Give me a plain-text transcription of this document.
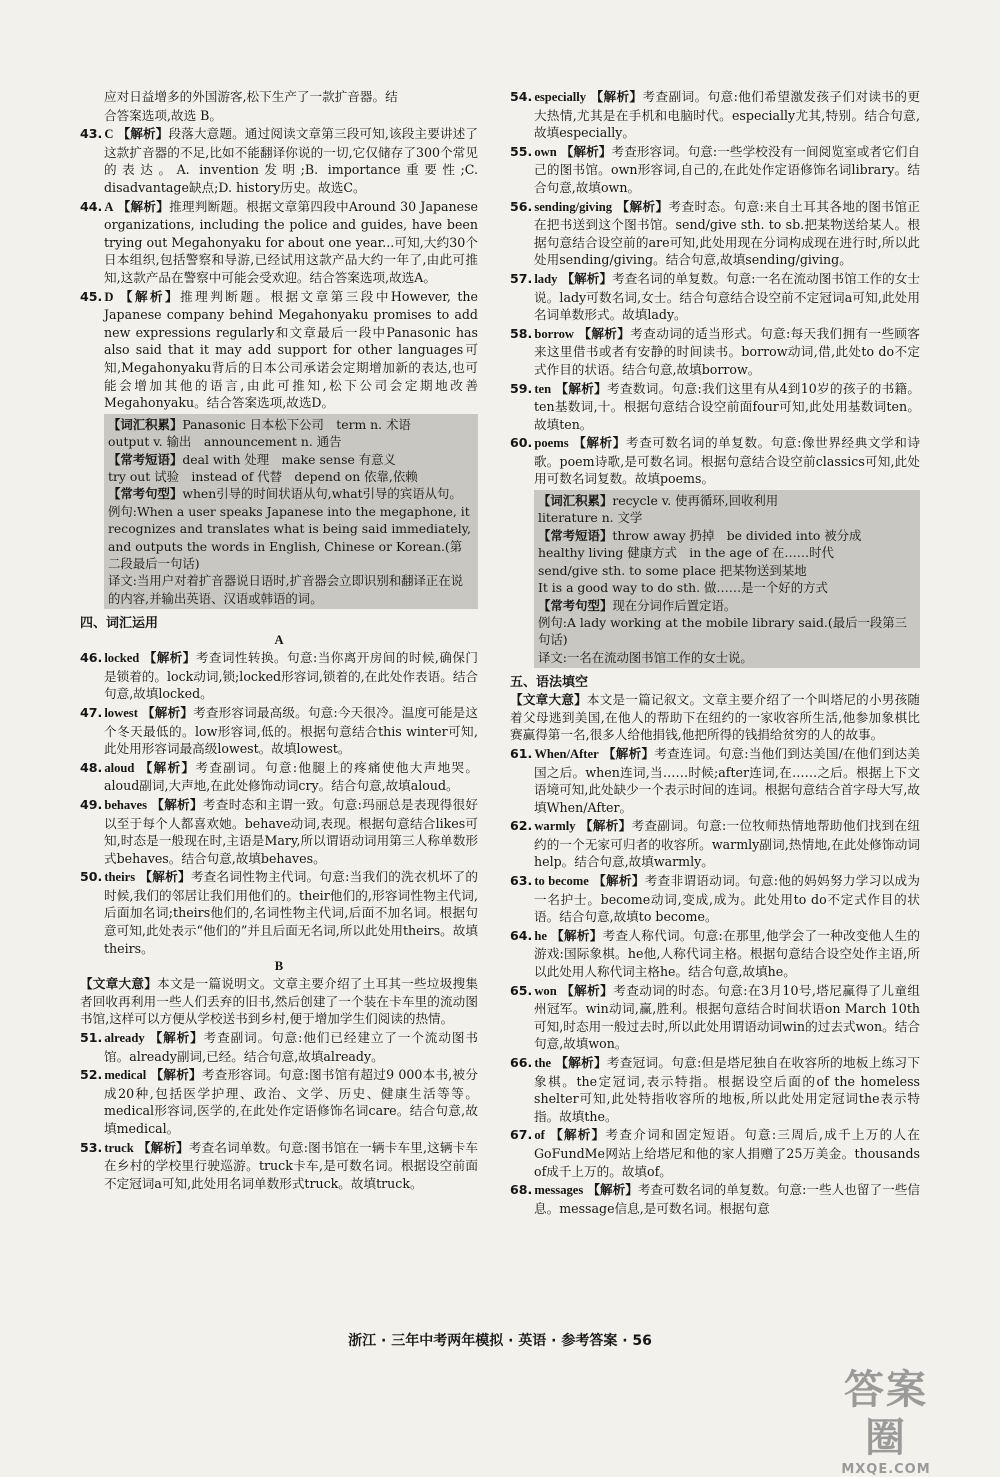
应对日益增多的外国游客,松下生产了一款扩音器。结

合答案选项,故选 B。

43. C 【解析】段落大意题。通过阅读文章第三段可知,该段主要讲述了这款扩音器的不足,比如不能翻译你说的一切,它仅储存了300个常见的表达。A. invention发明;B. importance重要性;C. disadvantage缺点;D. history历史。故选C。

44. A 【解析】推理判断题。根据文章第四段中Around 30 Japanese organizations, including the police and guides, have been trying out Megahonyaku for about one year...可知,大约30个日本组织,包括警察和导游,已经试用这款产品大约一年了,由此可推知,这款产品在警察中可能会受欢迎。结合答案选项,故选A。

45. D 【解析】推理判断题。根据文章第三段中However, the Japanese company behind Megahonyaku promises to add new expressions regularly和文章最后一段中Panasonic has also said that it may add support for other languages可知,Megahonyaku背后的日本公司承诺会定期增加新的表达,也可能会增加其他的语言,由此可推知,松下公司会定期地改善Megahonyaku。结合答案选项,故选D。

【词汇积累】Panasonic 日本松下公司　term n. 术语

output v. 输出　announcement n. 通告

【常考短语】deal with 处理　make sense 有意义

try out 试验　instead of 代替　depend on 依靠,依赖

【常考句型】when引导的时间状语从句,what引导的宾语从句。

例句:When a user speaks Japanese into the megaphone, it recognizes and translates what is being said immediately, and outputs the words in English, Chinese or Korean.(第二段最后一句话)

译文:当用户对着扩音器说日语时,扩音器会立即识别和翻译正在说的内容,并输出英语、汉语或韩语的词。

四、词汇运用
A

46. locked 【解析】考查词性转换。句意:当你离开房间的时候,确保门是锁着的。lock动词,锁;locked形容词,锁着的,在此处作表语。结合句意,故填locked。

47. lowest 【解析】考查形容词最高级。句意:今天很冷。温度可能是这个冬天最低的。low形容词,低的。根据句意结合this winter可知,此处用形容词最高级lowest。故填lowest。

48. aloud 【解析】考查副词。句意:他腿上的疼痛使他大声地哭。aloud副词,大声地,在此处修饰动词cry。结合句意,故填aloud。

49. behaves 【解析】考查时态和主谓一致。句意:玛丽总是表现得很好以至于每个人都喜欢她。behave动词,表现。根据句意结合likes可知,时态是一般现在时,主语是Mary,所以谓语动词用第三人称单数形式behaves。结合句意,故填behaves。

50. theirs 【解析】考查名词性物主代词。句意:当我们的洗衣机坏了的时候,我们的邻居让我们用他们的。their他们的,形容词性物主代词,后面加名词;theirs他们的,名词性物主代词,后面不加名词。根据句意可知,此处表示“他们的”并且后面无名词,所以此处用theirs。故填theirs。

B

【文章大意】本文是一篇说明文。文章主要介绍了土耳其一些垃圾搜集者回收再利用一些人们丢弃的旧书,然后创建了一个装在卡车里的流动图书馆,这样可以方便从学校送书到乡村,便于增加学生们阅读的热情。

51. already 【解析】考查副词。句意:他们已经建立了一个流动图书馆。already副词,已经。结合句意,故填already。

52. medical 【解析】考查形容词。句意:图书馆有超过9 000本书,被分成20种,包括医学护理、政治、文学、历史、健康生活等等。medical形容词,医学的,在此处作定语修饰名词care。结合句意,故填medical。

53. truck 【解析】考查名词单数。句意:图书馆在一辆卡车里,这辆卡车在乡村的学校里行驶巡游。truck卡车,是可数名词。根据设空前面不定冠词a可知,此处用名词单数形式truck。故填truck。

54. especially 【解析】考查副词。句意:他们希望激发孩子们对读书的更大热情,尤其是在手机和电脑时代。especially尤其,特别。结合句意,故填especially。

55. own 【解析】考查形容词。句意:一些学校没有一间阅览室或者它们自己的图书馆。own形容词,自己的,在此处作定语修饰名词library。结合句意,故填own。

56. sending/giving 【解析】考查时态。句意:来自土耳其各地的图书馆正在把书送到这个图书馆。send/give sth. to sb.把某物送给某人。根据句意结合设空前的are可知,此处用现在分词构成现在进行时,所以此处用sending/giving。结合句意,故填sending/giving。

57. lady 【解析】考查名词的单复数。句意:一名在流动图书馆工作的女士说。lady可数名词,女士。结合句意结合设空前不定冠词a可知,此处用名词单数形式。故填lady。

58. borrow 【解析】考查动词的适当形式。句意:每天我们拥有一些顾客来这里借书或者有安静的时间读书。borrow动词,借,此处to do不定式作目的状语。结合句意,故填borrow。

59. ten 【解析】考查数词。句意:我们这里有从4到10岁的孩子的书籍。ten基数词,十。根据句意结合设空前面four可知,此处用基数词ten。故填ten。

60. poems 【解析】考查可数名词的单复数。句意:像世界经典文学和诗歌。poem诗歌,是可数名词。根据句意结合设空前classics可知,此处用可数名词复数。故填poems。

【词汇积累】recycle v. 使再循环,回收利用

literature n. 文学

【常考短语】throw away 扔掉　be divided into 被分成

healthy living 健康方式　in the age of 在……时代

send/give sth. to some place 把某物送到某地

It is a good way to do sth. 做……是一个好的方式

【常考句型】现在分词作后置定语。

例句:A lady working at the mobile library said.(最后一段第三句话)

译文:一名在流动图书馆工作的女士说。

五、语法填空

【文章大意】本文是一篇记叙文。文章主要介绍了一个叫塔尼的小男孩随着父母逃到美国,在他人的帮助下在纽约的一家收容所生活,他参加象棋比赛赢得第一名,很多人给他捐钱,他把所得的钱捐给贫穷的人的故事。

61. When/After 【解析】考查连词。句意:当他们到达美国/在他们到达美国之后。when连词,当……时候;after连词,在……之后。根据上下文语境可知,此处缺少一个表示时间的连词。根据句意结合首字母大写,故填When/After。

62. warmly 【解析】考查副词。句意:一位牧师热情地帮助他们找到在纽约的一个无家可归者的收容所。warmly副词,热情地,在此处修饰动词help。结合句意,故填warmly。

63. to become 【解析】考查非谓语动词。句意:他的妈妈努力学习以成为一名护士。become动词,变成,成为。此处用to do不定式作目的状语。结合句意,故填to become。

64. he 【解析】考查人称代词。句意:在那里,他学会了一种改变他人生的游戏:国际象棋。he他,人称代词主格。根据句意结合设空处作主语,所以此处用人称代词主格he。结合句意,故填he。

65. won 【解析】考查动词的时态。句意:在3月10号,塔尼赢得了儿童组州冠军。win动词,赢,胜利。根据句意结合时间状语on March 10th可知,时态用一般过去时,所以此处用谓语动词win的过去式won。结合句意,故填won。

66. the 【解析】考查冠词。句意:但是塔尼独自在收容所的地板上练习下象棋。the定冠词,表示特指。根据设空后面的of the homeless shelter可知,此处特指收容所的地板,所以此处用定冠词the表示特指。故填the。

67. of 【解析】考查介词和固定短语。句意:三周后,成千上万的人在GoFundMe网站上给塔尼和他的家人捐赠了25万美金。thousands of成千上万的。故填of。

68. messages 【解析】考查可数名词的单复数。句意:一些人也留了一些信息。message信息,是可数名词。根据句意

浙江 · 三年中考两年模拟 · 英语 · 参考答案 · 56
答案圈
MXQE.COM
